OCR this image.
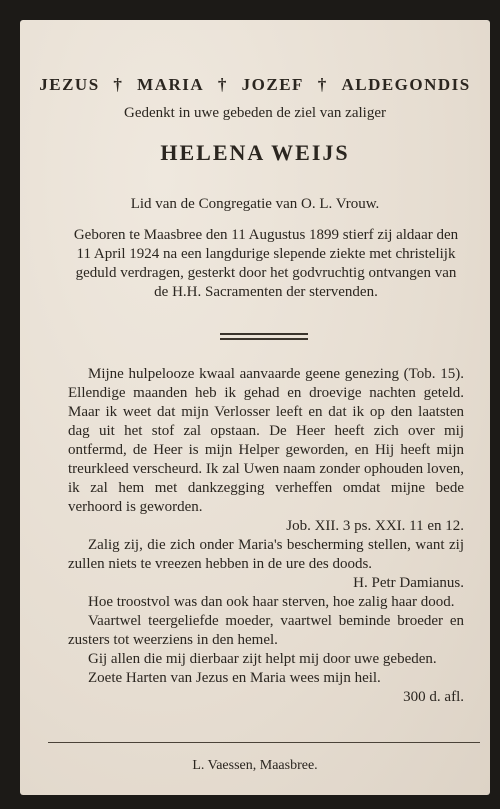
JEZUS † MARIA † JOZEF † ALDEGONDIS
Gedenkt in uwe gebeden de ziel van zaliger
HELENA WEIJS
Lid van de Congregatie van O. L. Vrouw.
Geboren te Maasbree den 11 Augustus 1899 stierf zij aldaar den 11 April 1924 na een langdurige slepende ziekte met christelijk geduld verdragen, gesterkt door het godvruchtig ontvangen van de H.H. Sacramenten der stervenden.

Mijne hulpelooze kwaal aanvaarde geene genezing (Tob. 15). Ellendige maanden heb ik gehad en droevige nachten geteld. Maar ik weet dat mijn Verlosser leeft en dat ik op den laatsten dag uit het stof zal opstaan. De Heer heeft zich over mij ontfermd, de Heer is mijn Helper geworden, en Hij heeft mijn treurkleed verscheurd. Ik zal Uwen naam zonder ophouden loven, ik zal hem met dankzegging verheffen omdat mijne bede verhoord is geworden.

Job. XII. 3 ps. XXI. 11 en 12.

Zalig zij, die zich onder Maria's bescherming stellen, want zij zullen niets te vreezen hebben in de ure des doods.

H. Petr Damianus.

Hoe troostvol was dan ook haar sterven, hoe zalig haar dood.

Vaartwel teergeliefde moeder, vaartwel beminde broeder en zusters tot weerziens in den hemel.

Gij allen die mij dierbaar zijt helpt mij door uwe gebeden.

Zoete Harten van Jezus en Maria wees mijn heil.

300 d. afl.

L. Vaessen, Maasbree.
